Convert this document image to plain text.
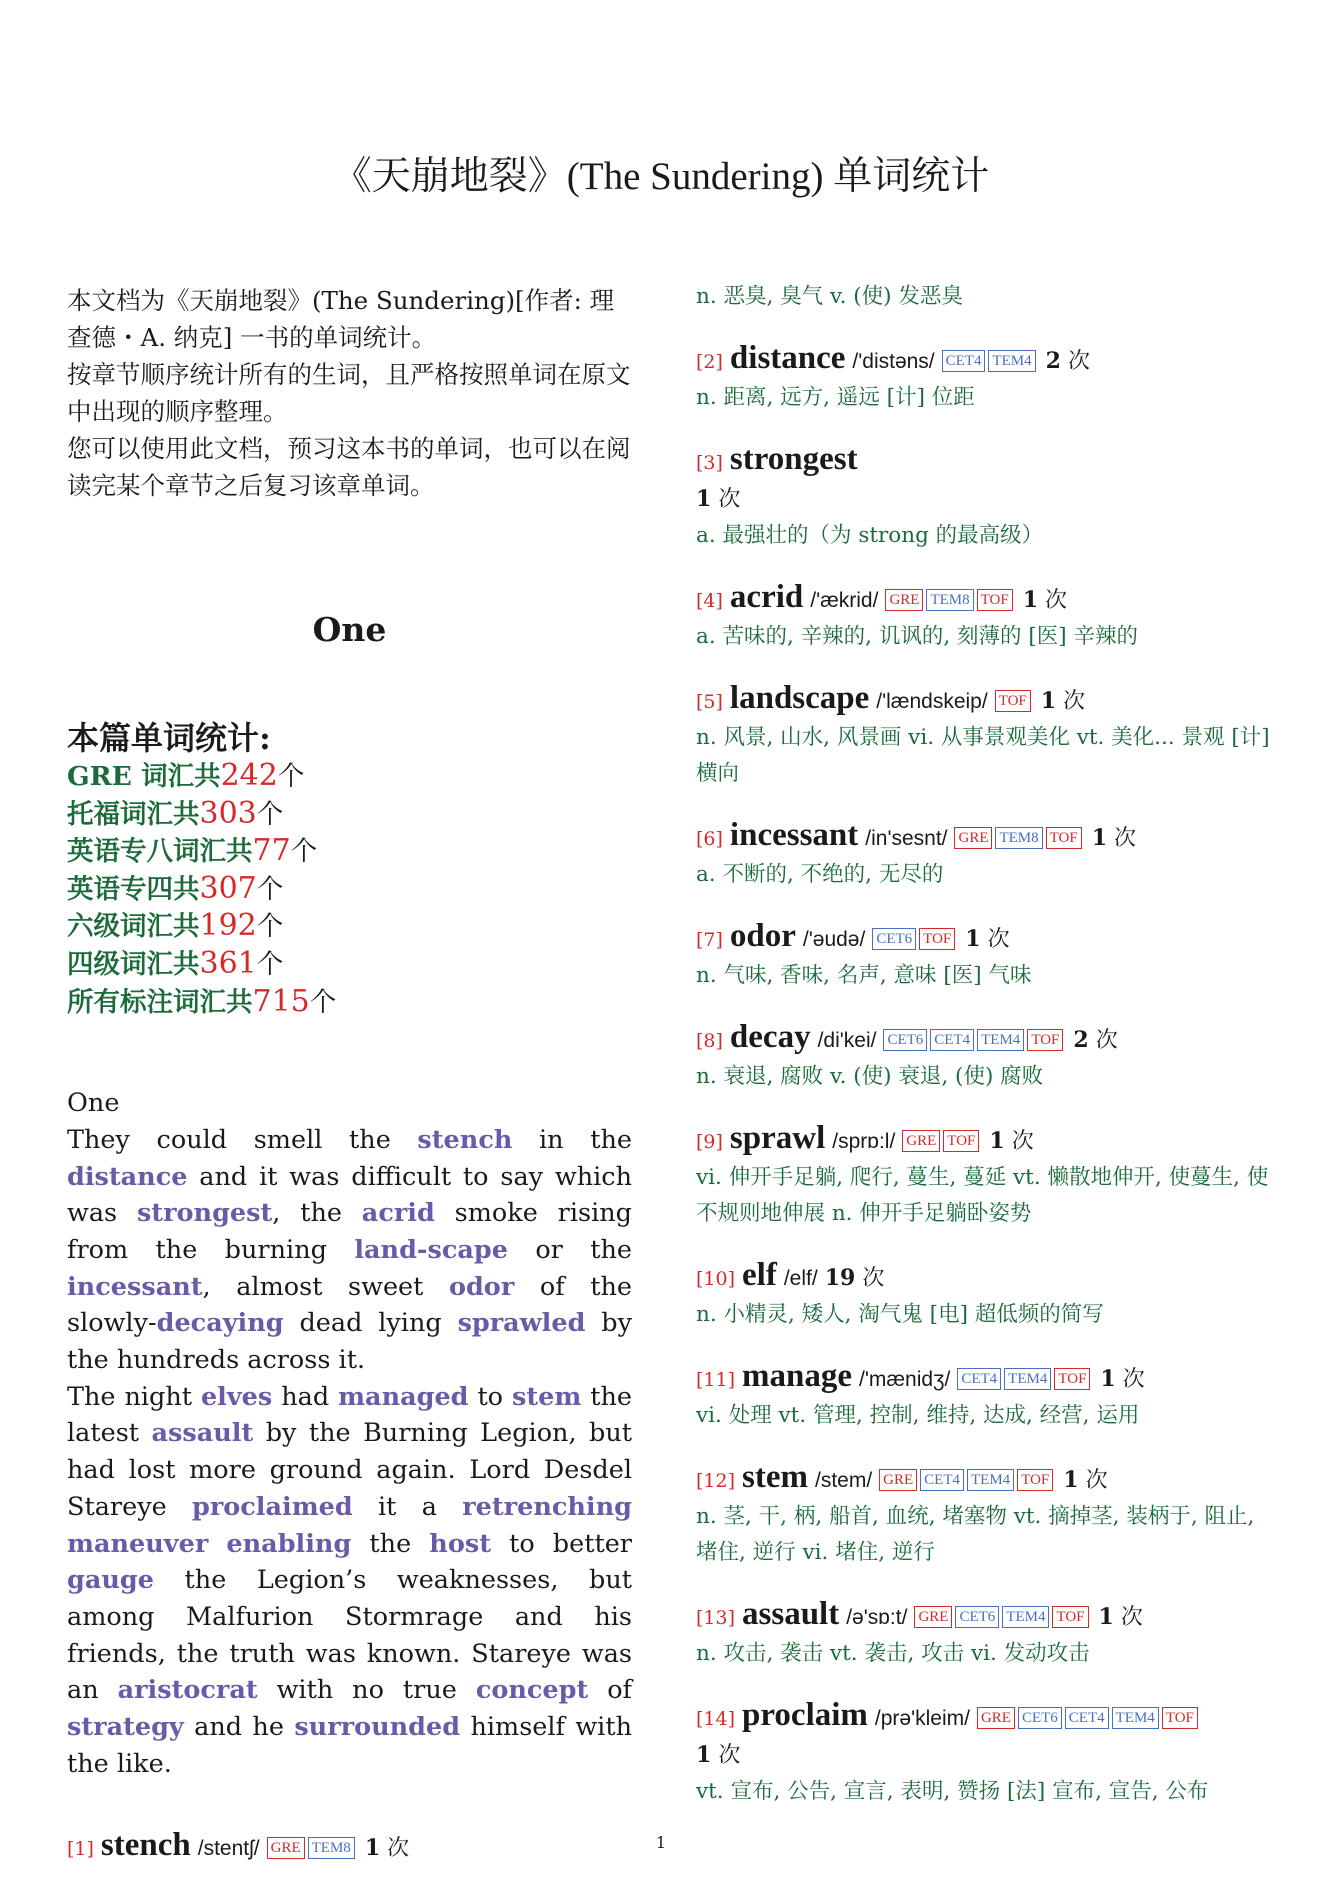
《天崩地裂》(The Sundering) 单词统计

本文档为《天崩地裂》(The Sundering)[作者: 理查德・A. 纳克] 一书的单词统计。

按章节顺序统计所有的生词，且严格按照单词在原文中出现的顺序整理。

您可以使用此文档，预习这本书的单词，也可以在阅读完某个章节之后复习该章单词。

One
本篇单词统计:
GRE 词汇共242个
托福词汇共303个
英语专八词汇共77个
英语专四共307个
六级词汇共192个
四级词汇共361个
所有标注词汇共715个
One

They could smell the stench in the distance and it was difficult to say which was strongest, the acrid smoke rising from the burning land-scape or the incessant, almost sweet odor of the slowly-decaying dead lying sprawled by the hundreds across it.

The night elves had managed to stem the latest assault by the Burning Legion, but had lost more ground again. Lord Desdel Stareye proclaimed it a retrenching maneuver enabling the host to better gauge the Legion’s weaknesses, but among Malfurion Stormrage and his friends, the truth was known. Stareye was an aristocrat with no true concept of strategy and he surrounded himself with the like.

[1] stench /stentʃ/ GRE TEM8 1 次
n. 恶臭, 臭气 v. (使) 发恶臭
[2] distance /'distəns/ CET4 TEM4 2 次
n. 距离, 远方, 遥远 [计] 位距
[3] strongest
1 次
a. 最强壮的（为 strong 的最高级）
[4] acrid /'ækrid/ GRE TEM8 TOF 1 次
a. 苦味的, 辛辣的, 讥讽的, 刻薄的 [医] 辛辣的
[5] landscape /'lændskeip/ TOF 1 次
n. 风景, 山水, 风景画 vi. 从事景观美化 vt. 美化... 景观 [计] 横向
[6] incessant /in'sesnt/ GRE TEM8 TOF 1 次
a. 不断的, 不绝的, 无尽的
[7] odor /'əudə/ CET6 TOF 1 次
n. 气味, 香味, 名声, 意味 [医] 气味
[8] decay /di'kei/ CET6 CET4 TEM4 TOF 2 次
n. 衰退, 腐败 v. (使) 衰退, (使) 腐败
[9] sprawl /sprɒ:l/ GRE TOF 1 次
vi. 伸开手足躺, 爬行, 蔓生, 蔓延 vt. 懒散地伸开, 使蔓生, 使不规则地伸展 n. 伸开手足躺卧姿势
[10] elf /elf/ 19 次
n. 小精灵, 矮人, 淘气鬼 [电] 超低频的简写
[11] manage /'mænidʒ/ CET4 TEM4 TOF 1 次
vi. 处理 vt. 管理, 控制, 维持, 达成, 经营, 运用
[12] stem /stem/ GRE CET4 TEM4 TOF 1 次
n. 茎, 干, 柄, 船首, 血统, 堵塞物 vt. 摘掉茎, 装柄于, 阻止, 堵住, 逆行 vi. 堵住, 逆行
[13] assault /ə'sɒ:t/ GRE CET6 TEM4 TOF 1 次
n. 攻击, 袭击 vt. 袭击, 攻击 vi. 发动攻击
[14] proclaim /prə'kleim/ GRE CET6 CET4 TEM4 TOF
1 次
vt. 宣布, 公告, 宣言, 表明, 赞扬 [法] 宣布, 宣告, 公布
1
